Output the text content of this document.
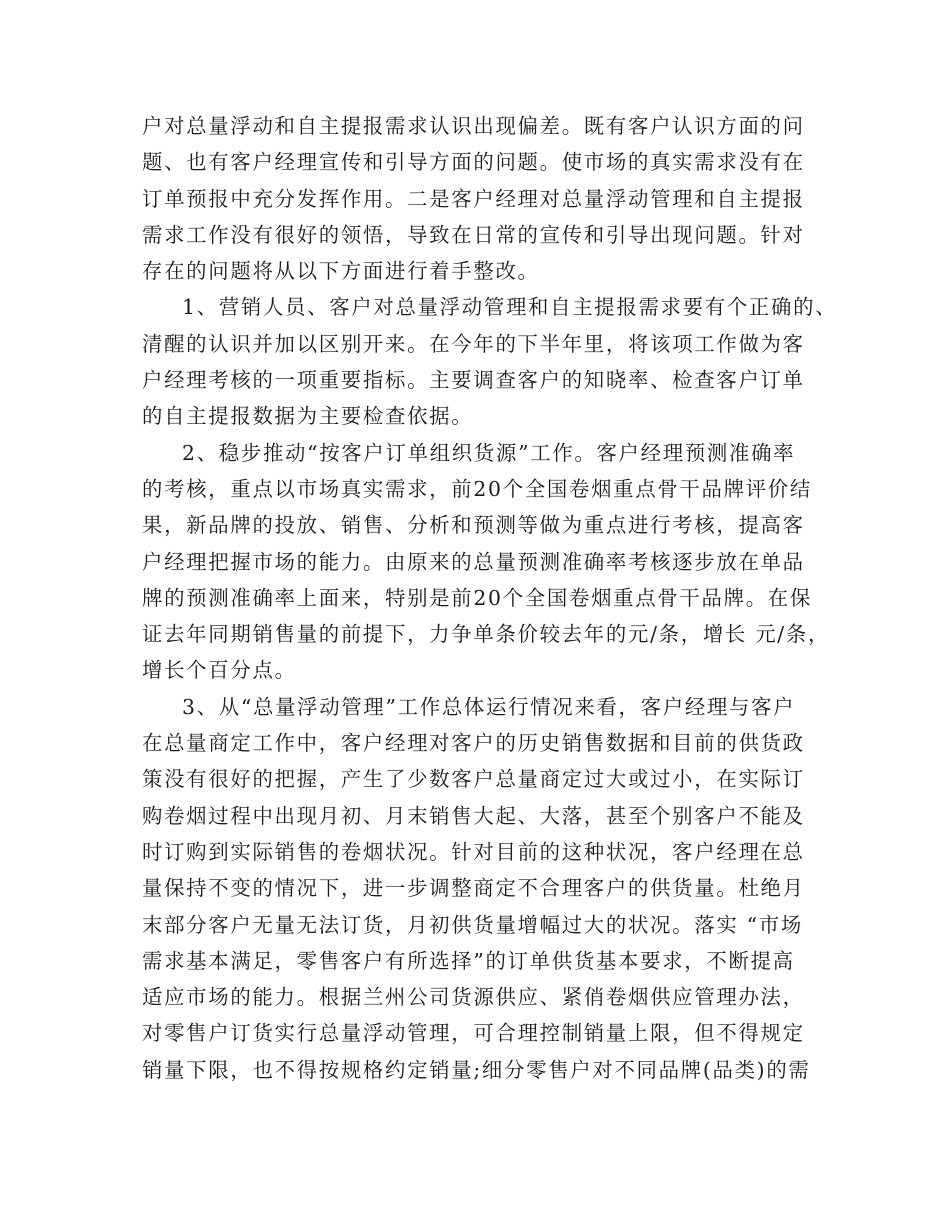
户对总量浮动和自主提报需求认识出现偏差。既有客户认识方面的问
题、也有客户经理宣传和引导方面的问题。使市场的真实需求没有在
订单预报中充分发挥作用。二是客户经理对总量浮动管理和自主提报
需求工作没有很好的领悟，导致在日常的宣传和引导出现问题。针对
存在的问题将从以下方面进行着手整改。
1、营销人员、客户对总量浮动管理和自主提报需求要有个正确的、
清醒的认识并加以区别开来。在今年的下半年里，将该项工作做为客
户经理考核的一项重要指标。主要调查客户的知晓率、检查客户订单
的自主提报数据为主要检查依据。
2、稳步推动“按客户订单组织货源”工作。客户经理预测准确率
的考核，重点以市场真实需求，前20个全国卷烟重点骨干品牌评价结
果，新品牌的投放、销售、分析和预测等做为重点进行考核，提高客
户经理把握市场的能力。由原来的总量预测准确率考核逐步放在单品
牌的预测准确率上面来，特别是前20个全国卷烟重点骨干品牌。在保
证去年同期销售量的前提下，力争单条价较去年的元/条，增长 元/条，
增长个百分点。
3、从“总量浮动管理”工作总体运行情况来看，客户经理与客户
在总量商定工作中，客户经理对客户的历史销售数据和目前的供货政
策没有很好的把握，产生了少数客户总量商定过大或过小，在实际订
购卷烟过程中出现月初、月末销售大起、大落，甚至个别客户不能及
时订购到实际销售的卷烟状况。针对目前的这种状况，客户经理在总
量保持不变的情况下，进一步调整商定不合理客户的供货量。杜绝月
末部分客户无量无法订货，月初供货量增幅过大的状况。落实 “市场
需求基本满足，零售客户有所选择”的订单供货基本要求，不断提高
适应市场的能力。根据兰州公司货源供应、紧俏卷烟供应管理办法，
对零售户订货实行总量浮动管理，可合理控制销量上限，但不得规定
销量下限，也不得按规格约定销量;细分零售户对不同品牌(品类)的需
